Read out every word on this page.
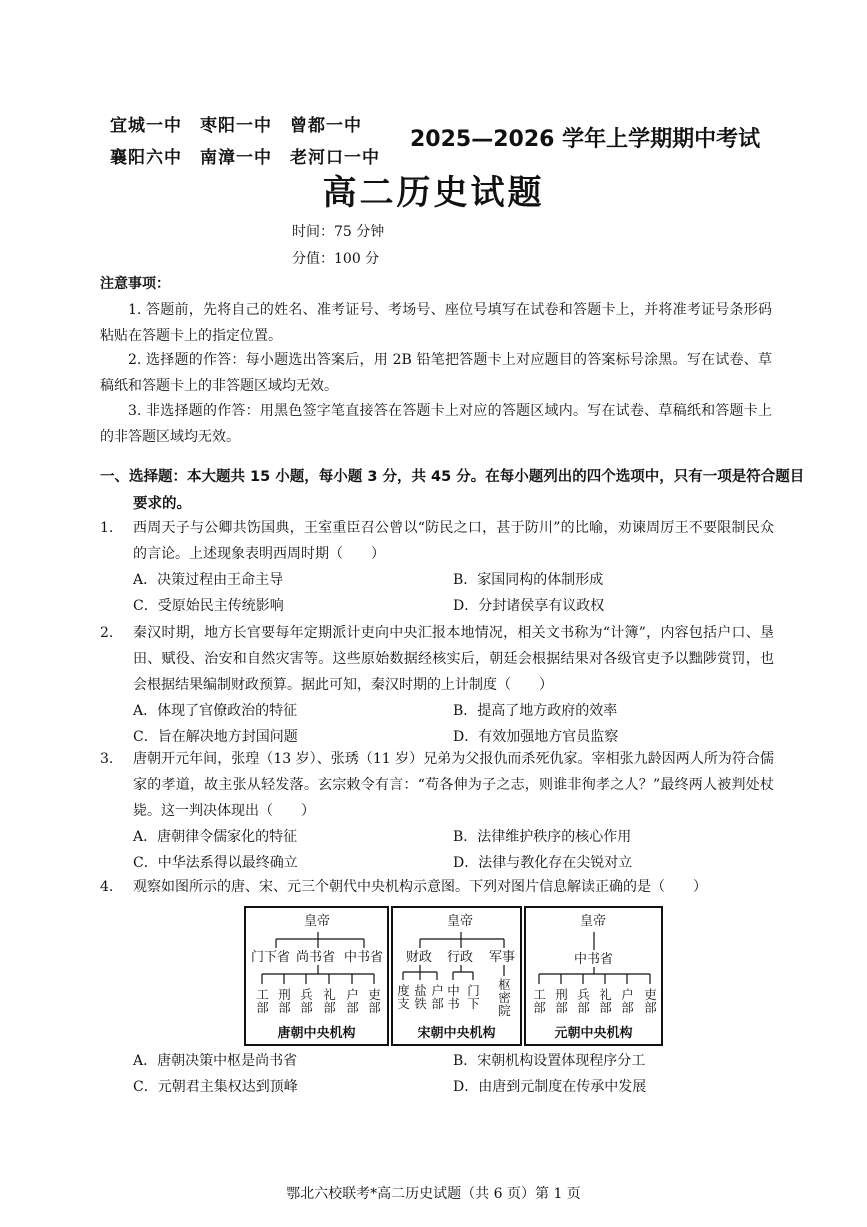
宜城一中　枣阳一中　曾都一中
襄阳六中　南漳一中　老河口一中
2025—2026 学年上学期期中考试
高二历史试题
时间：75 分钟
分值：100 分
注意事项：
1. 答题前，先将自己的姓名、准考证号、考场号、座位号填写在试卷和答题卡上，并将准考证号条形码粘贴在答题卡上的指定位置。
2. 选择题的作答：每小题选出答案后，用 2B 铅笔把答题卡上对应题目的答案标号涂黑。写在试卷、草稿纸和答题卡上的非答题区域均无效。
3. 非选择题的作答：用黑色签字笔直接答在答题卡上对应的答题区域内。写在试卷、草稿纸和答题卡上的非答题区域均无效。
一、选择题：本大题共 15 小题，每小题 3 分，共 45 分。在每小题列出的四个选项中，只有一项是符合题目要求的。
1. 西周天子与公卿共饬国典，王室重臣召公曾以“防民之口，甚于防川”的比喻，劝谏周厉王不要限制民众的言论。上述现象表明西周时期（　　）
A．决策过程由王命主导	B．家国同构的体制形成
C．受原始民主传统影响	D．分封诸侯享有议政权
2. 秦汉时期，地方长官要每年定期派计吏向中央汇报本地情况，相关文书称为“计簿”，内容包括户口、垦田、赋役、治安和自然灾害等。这些原始数据经核实后，朝廷会根据结果对各级官吏予以黜陟赏罚，也会根据结果编制财政预算。据此可知，秦汉时期的上计制度（　　）
A．体现了官僚政治的特征	B．提高了地方政府的效率
C．旨在解决地方封国问题	D．有效加强地方官员监察
3. 唐朝开元年间，张瑝（13 岁）、张琇（11 岁）兄弟为父报仇而杀死仇家。宰相张九龄因两人所为符合儒家的孝道，故主张从轻发落。玄宗敕令有言：“苟各伸为子之志，则谁非徇孝之人？”最终两人被判处杖毙。这一判决体现出（　　）
A．唐朝律令儒家化的特征	B．法律维护秩序的核心作用
C．中华法系得以最终确立	D．法律与教化存在尖锐对立
4. 观察如图所示的唐、宋、元三个朝代中央机构示意图。下列对图片信息解读正确的是（　　）
皇帝
门下省 尚书省 中书省
工部
刑部
兵部
礼部
户部
吏部
唐朝中央机构
皇帝
财政 行政 军事
度支
盐铁
户部
中书
门下
枢密院
宋朝中央机构
皇帝
中书省
工部
刑部
兵部
礼部
户部
吏部
元朝中央机构
A．唐朝决策中枢是尚书省	B．宋朝机构设置体现程序分工
C．元朝君主集权达到顶峰	D．由唐到元制度在传承中发展
鄂北六校联考*高二历史试题（共 6 页）第 1 页
